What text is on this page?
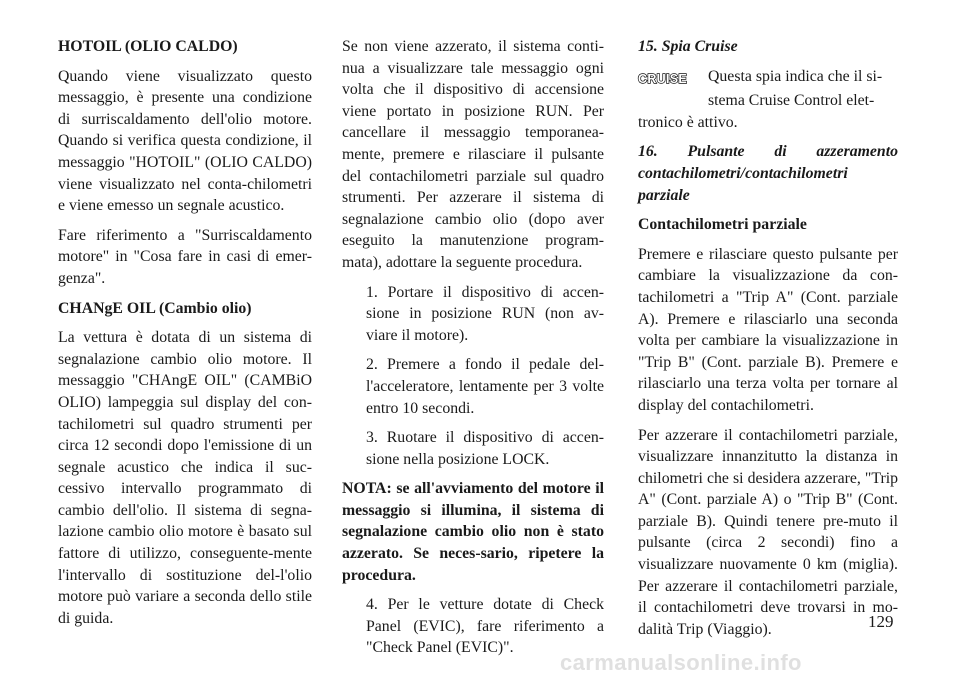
HOTOIL (OLIO CALDO)

Quando viene visualizzato questo messaggio, è presente una condizione di surriscaldamento dell'olio motore. Quando si verifica questa condizione, il messaggio "HOTOIL" (OLIO CALDO) viene visualizzato nel conta-chilometri e viene emesso un segnale acustico.

Fare riferimento a "Surriscaldamento motore" in "Cosa fare in casi di emer-genza".

CHANgE OIL (Cambio olio)

La vettura è dotata di un sistema di segnalazione cambio olio motore. Il messaggio "CHAngE OIL" (CAMBiO OLIO) lampeggia sul display del con-tachilometri sul quadro strumenti per circa 12 secondi dopo l'emissione di un segnale acustico che indica il suc-cessivo intervallo programmato di cambio dell'olio. Il sistema di segna-lazione cambio olio motore è basato sul fattore di utilizzo, conseguente-mente l'intervallo di sostituzione del-l'olio motore può variare a seconda dello stile di guida.

Se non viene azzerato, il sistema conti-nua a visualizzare tale messaggio ogni volta che il dispositivo di accensione viene portato in posizione RUN. Per cancellare il messaggio temporanea-mente, premere e rilasciare il pulsante del contachilometri parziale sul quadro strumenti. Per azzerare il sistema di segnalazione cambio olio (dopo aver eseguito la manutenzione program-mata), adottare la seguente procedura.

1. Portare il dispositivo di accen-sione in posizione RUN (non av-viare il motore).

2. Premere a fondo il pedale del-l'acceleratore, lentamente per 3 volte entro 10 secondi.

3. Ruotare il dispositivo di accen-sione nella posizione LOCK.

NOTA: se all'avviamento del motore il messaggio si illumina, il sistema di segnalazione cambio olio non è stato azzerato. Se neces-sario, ripetere la procedura.

4. Per le vetture dotate di Check Panel (EVIC), fare riferimento a "Check Panel (EVIC)".

15. Spia Cruise

CRUISE	Questa spia indica che il si-
stema Cruise Control elet-
tronico è attivo.

16. Pulsante di azzeramento contachilometri/contachilometri parziale

Contachilometri parziale

Premere e rilasciare questo pulsante per cambiare la visualizzazione da con-tachilometri a "Trip A" (Cont. parziale A). Premere e rilasciarlo una seconda volta per cambiare la visualizzazione in "Trip B" (Cont. parziale B). Premere e rilasciarlo una terza volta per tornare al display del contachilometri.

Per azzerare il contachilometri parziale, visualizzare innanzitutto la distanza in chilometri che si desidera azzerare, "Trip A" (Cont. parziale A) o "Trip B" (Cont. parziale B). Quindi tenere pre-muto il pulsante (circa 2 secondi) fino a visualizzare nuovamente 0 km (miglia). Per azzerare il contachilometri parziale, il contachilometri deve trovarsi in mo-dalità Trip (Viaggio).	129
carmanualsonline.info
